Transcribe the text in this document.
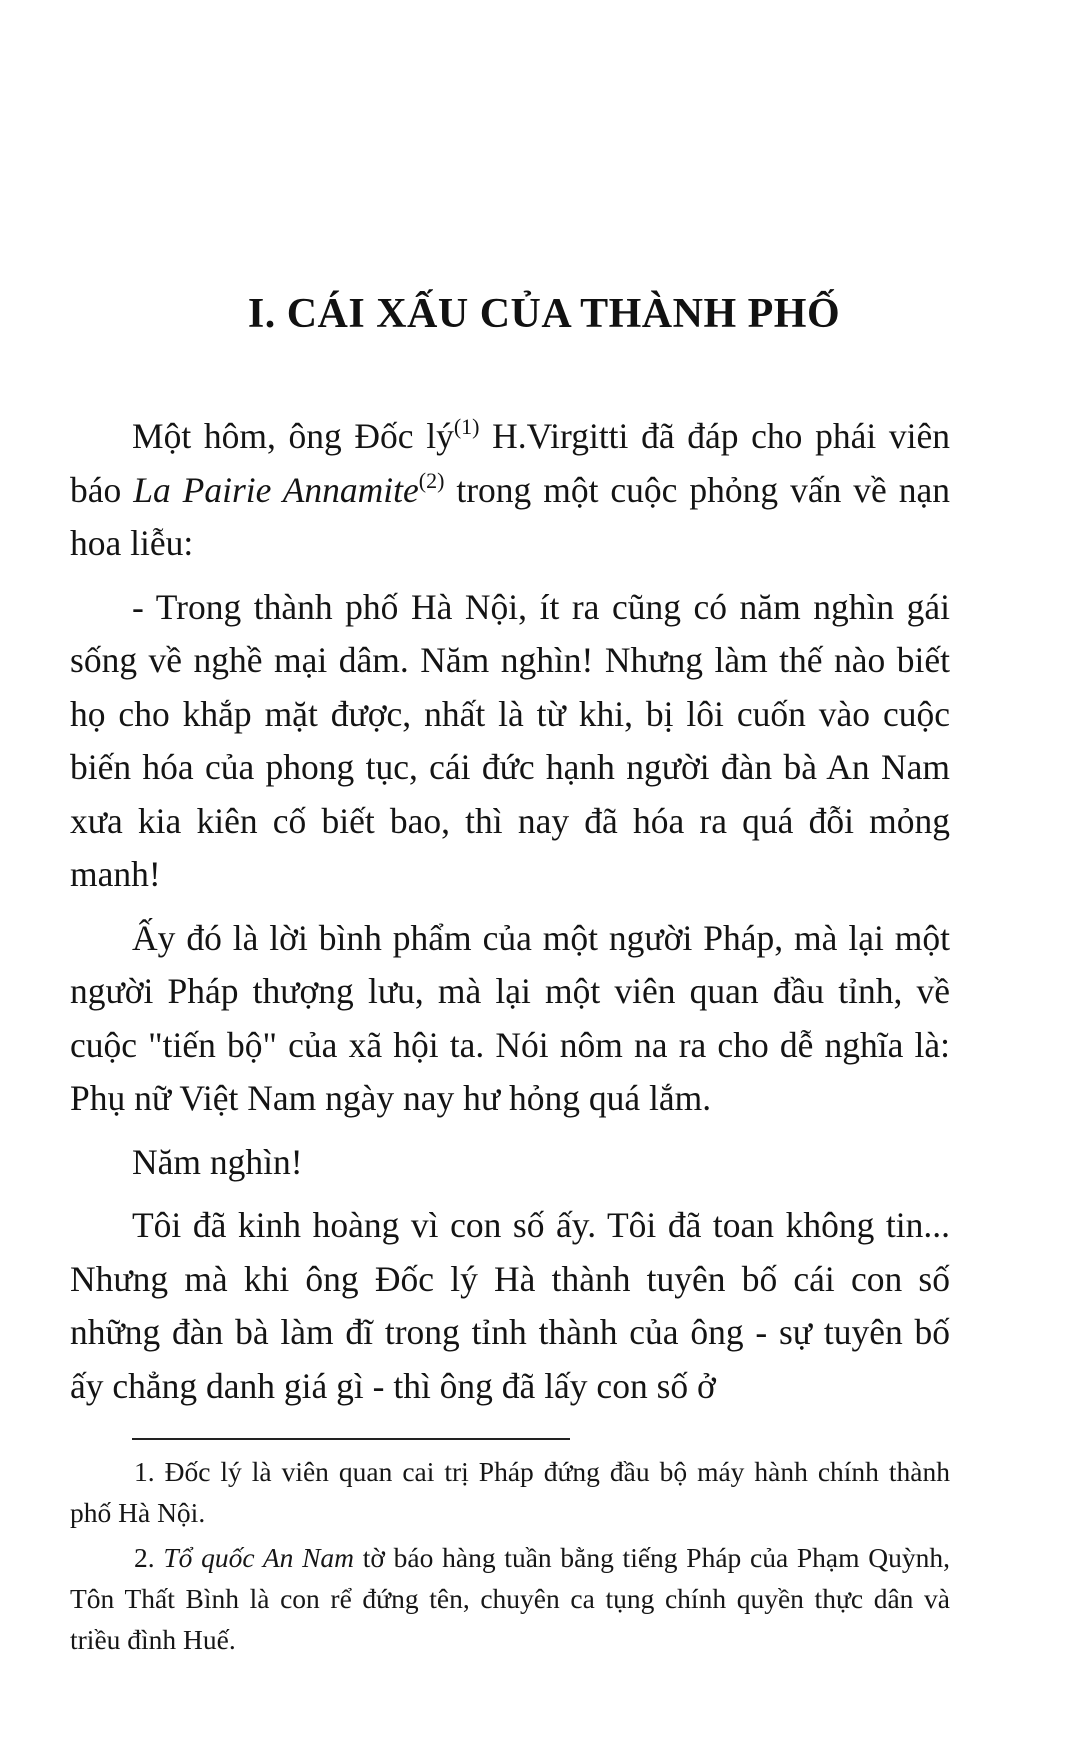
I. CÁI XẤU CỦA THÀNH PHỐ

Một hôm, ông Đốc $lý^{(1)}$ H.Virgitti đã đáp cho phái viên báo La Pairie Annamite$^{(2)}$ trong một cuộc phỏng vấn về nạn hoa liễu:

- Trong thành phố Hà Nội, ít ra cũng có năm nghìn gái sống về nghề mại dâm. Năm nghìn! Nhưng làm thế nào biết họ cho khắp mặt được, nhất là từ khi, bị lôi cuốn vào cuộc biến hóa của phong tục, cái đức hạnh người đàn bà An Nam xưa kia kiên cố biết bao, thì nay đã hóa ra quá đỗi mỏng manh!

Ấy đó là lời bình phẩm của một người Pháp, mà lại một người Pháp thượng lưu, mà lại một viên quan đầu tỉnh, về cuộc "tiến bộ" của xã hội ta. Nói nôm na ra cho dễ nghĩa là: Phụ nữ Việt Nam ngày nay hư hỏng quá lắm.

Năm nghìn!

Tôi đã kinh hoàng vì con số ấy. Tôi đã toan không tin... Nhưng mà khi ông Đốc lý Hà thành tuyên bố cái con số những đàn bà làm đĩ trong tỉnh thành của ông - sự tuyên bố ấy chẳng danh giá gì - thì ông đã lấy con số ở

1. Đốc lý là viên quan cai trị Pháp đứng đầu bộ máy hành chính thành phố Hà Nội.

2. Tổ quốc An Nam tờ báo hàng tuần bằng tiếng Pháp của Phạm Quỳnh, Tôn Thất Bình là con rể đứng tên, chuyên ca tụng chính quyền thực dân và triều đình Huế.
